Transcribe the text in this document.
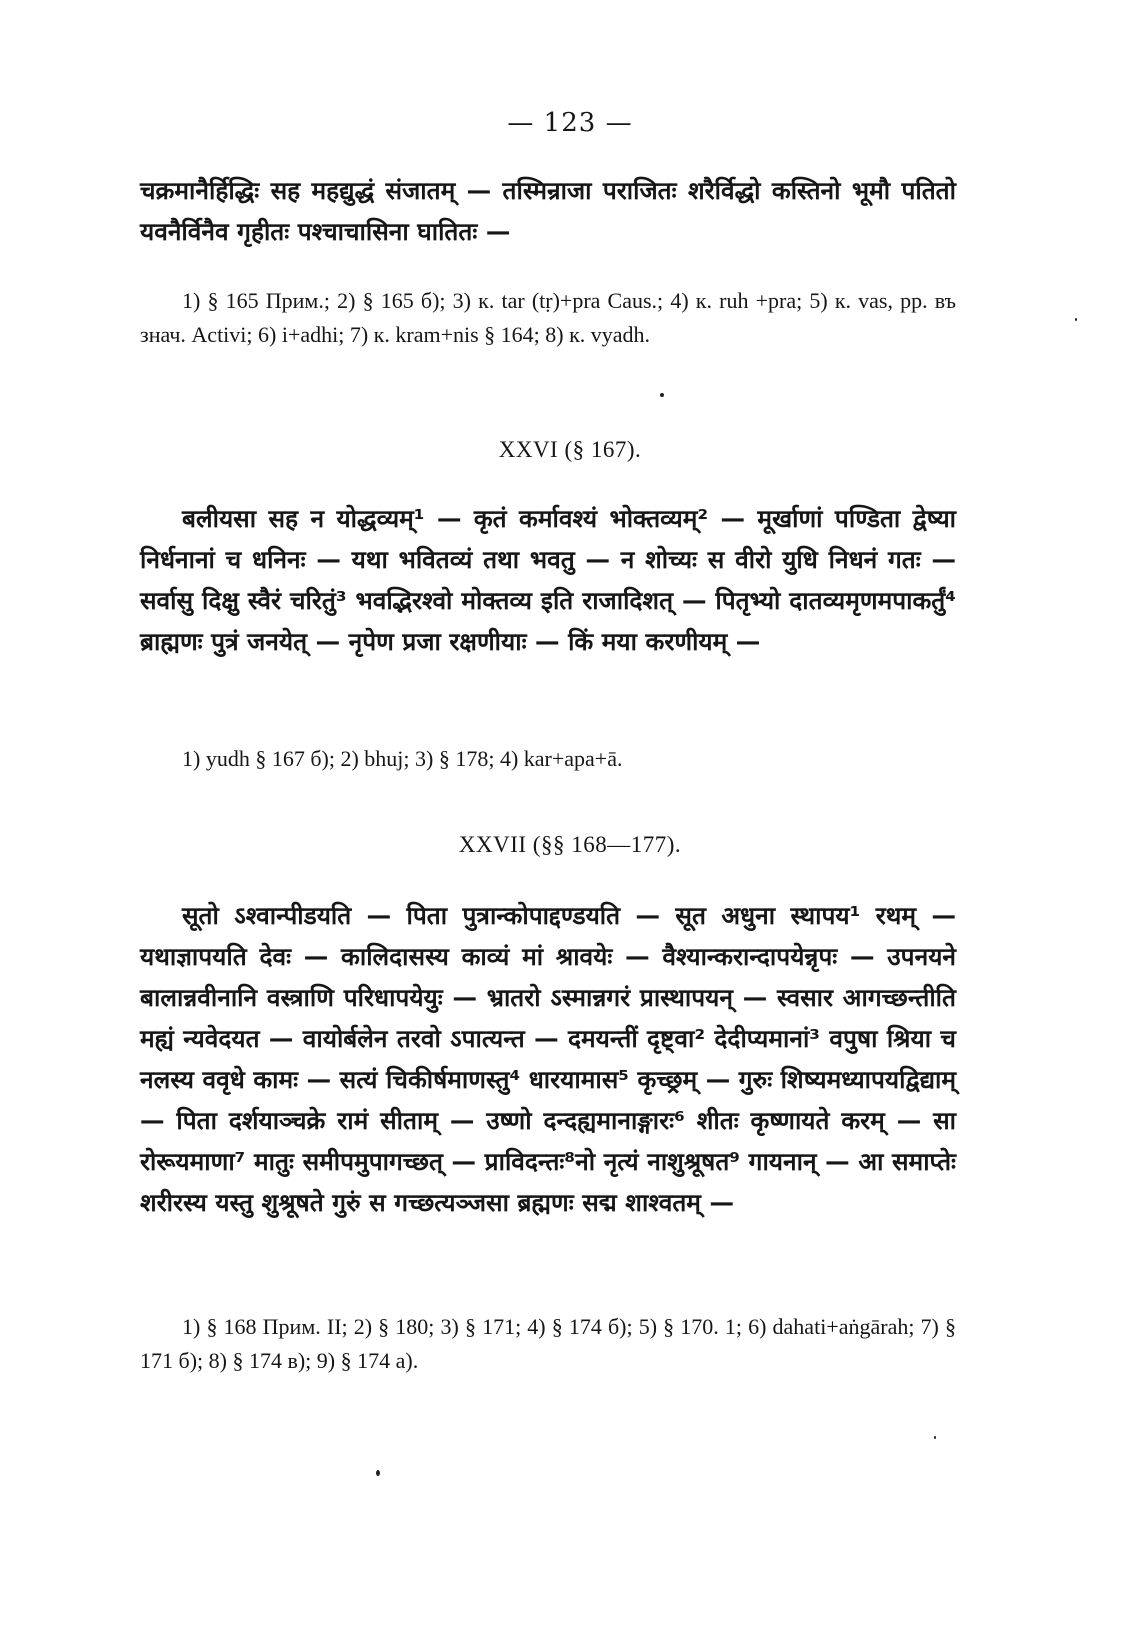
— 123 —

चक्रमानैर्हिद्धिः सह महद्युद्धं संजातम् — तस्मिन्राजा पराजितः शरैर्विद्धो कस्तिनो भूमौ पतितो यवनैर्विनैव गृहीतः पश्चाचासिना घातितः —

1) § 165 Прим.; 2) § 165 б); 3) к. tar (tṛ)+pra Caus.; 4) к. ruh +pra; 5) к. vas, pp. въ знач. Activi; 6) i+adhi; 7) к. kram+nis § 164; 8) к. vyadh.

XXVI (§ 167).

बलीयसा सह न योद्धव्यम्¹ — कृतं कर्मावश्यं भोक्तव्यम्² — मूर्खाणां पण्डिता द्वेष्या निर्धनानां च धनिनः — यथा भवितव्यं तथा भवतु — न शोच्यः स वीरो युधि निधनं गतः — सर्वासु दिक्षु स्वैरं चरितुं³ भवद्भिरश्वो मोक्तव्य इति राजादिशत् — पितृभ्यो दातव्यमृणमपाकर्तुं⁴ ब्राह्मणः पुत्रं जनयेत् — नृपेण प्रजा रक्षणीयाः — किं मया करणीयम् —

1) yudh § 167 б); 2) bhuj; 3) § 178; 4) kar+apa+ā.

XXVII (§§ 168—177).

सूतो ऽश्वान्पीडयति — पिता पुत्रान्कोपाद्दण्डयति — सूत अधुना स्थापय¹ रथम् — यथाज्ञापयति देवः — कालिदासस्य काव्यं मां श्रावयेः — वैश्यान्करान्दापयेन्नृपः — उपनयने बालान्नवीनानि वस्त्राणि परिधापयेयुः — भ्रातरो ऽस्मान्नगरं प्रास्थापयन् — स्वसार आगच्छन्तीति मह्यं न्यवेदयत — वायोर्बलेन तरवो ऽपात्यन्त — दमयन्तीं दृष्ट्वा² देदीप्यमानां³ वपुषा श्रिया च नलस्य ववृधे कामः — सत्यं चिकीर्षमाणस्तु⁴ धारयामास⁵ कृच्छ्रम् — गुरुः शिष्यमध्यापयद्विद्याम् — पिता दर्शयाञ्चक्रे रामं सीताम् — उष्णो दन्दह्यमानाङ्गारः⁶ शीतः कृष्णायते करम् — सा रोरूयमाणा⁷ मातुः समीपमुपागच्छत् — प्राविदन्तः⁸नो नृत्यं नाशुश्रूषत⁹ गायनान् — आ समाप्तेः शरीरस्य यस्तु शुश्रूषते गुरुं स गच्छत्यञ्जसा ब्रह्मणः सद्म शाश्वतम् —

1) § 168 Прим. II; 2) § 180; 3) § 171; 4) § 174 б); 5) § 170. 1; 6) dahati+aṅgārah; 7) § 171 б); 8) § 174 в); 9) § 174 a).
